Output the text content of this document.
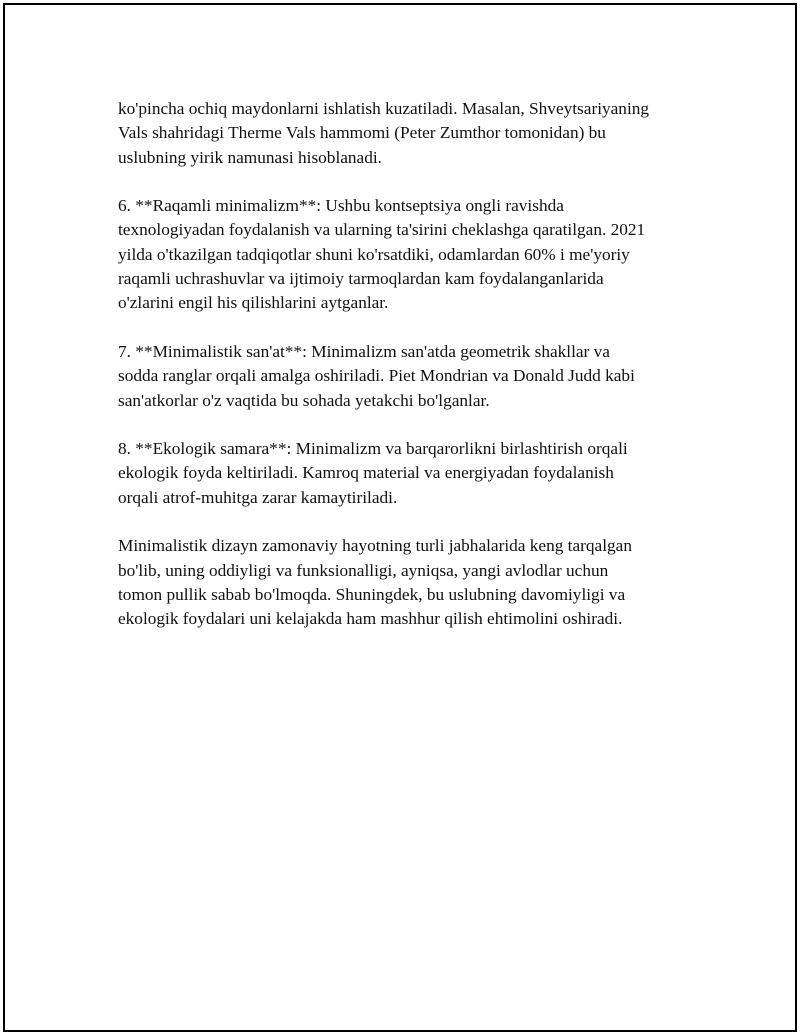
ko'pincha ochiq maydonlarni ishlatish kuzatiladi. Masalan, Shveytsariyaning
Vals shahridagi Therme Vals hammomi (Peter Zumthor tomonidan) bu
uslubning yirik namunasi hisoblanadi.

6. **Raqamli minimalizm**: Ushbu kontseptsiya ongli ravishda
texnologiyadan foydalanish va ularning ta'sirini cheklashga qaratilgan. 2021
yilda o'tkazilgan tadqiqotlar shuni ko'rsatdiki, odamlardan 60% i me'yoriy
raqamli uchrashuvlar va ijtimoiy tarmoqlardan kam foydalanganlarida
o'zlarini engil his qilishlarini aytganlar.

7. **Minimalistik san'at**: Minimalizm san'atda geometrik shakllar va
sodda ranglar orqali amalga oshiriladi. Piet Mondrian va Donald Judd kabi
san'atkorlar o'z vaqtida bu sohada yetakchi bo'lganlar.

8. **Ekologik samara**: Minimalizm va barqarorlikni birlashtirish orqali
ekologik foyda keltiriladi. Kamroq material va energiyadan foydalanish
orqali atrof-muhitga zarar kamaytiriladi.

Minimalistik dizayn zamonaviy hayotning turli jabhalarida keng tarqalgan
bo'lib, uning oddiyligi va funksionalligi, ayniqsa, yangi avlodlar uchun
tomon pullik sabab bo'lmoqda. Shuningdek, bu uslubning davomiyligi va
ekologik foydalari uni kelajakda ham mashhur qilish ehtimolini oshiradi.
